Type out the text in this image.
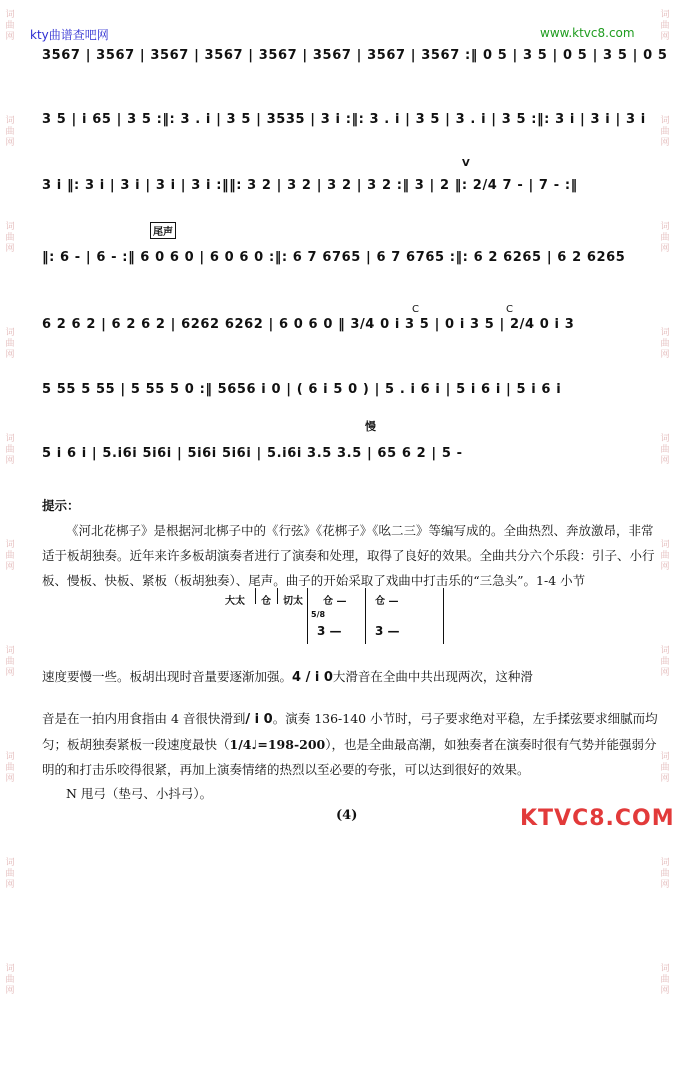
词曲网
词曲网
词曲网
词曲网
词曲网
词曲网
词曲网
词曲网
词曲网
词曲网
词曲网
词曲网
词曲网
词曲网
词曲网
词曲网
词曲网
词曲网
词曲网
词曲网
kty曲谱查吧网	www.ktvc8.com
3567 | 3567 | 3567 | 3567 | 3567 | 3567 | 3567 | 3567 :‖ 0 5 | 3 5 | 0 5 | 3 5 | 0 5
3 5 | i 65 | 3 5 :‖: 3 . i | 3 5 | 3535 | 3 i :‖: 3 . i | 3 5 | 3 . i | 3 5 :‖: 3 i | 3 i | 3 i
V
3 i ‖: 3 i | 3 i | 3 i | 3 i :‖‖: 3 2 | 3 2 | 3 2 | 3 2 :‖ 3 | 2 ‖: 2/4 7 - | 7 - :‖
尾声
‖: 6 - | 6 - :‖ 6 0 6 0 | 6 0 6 0 :‖: 6 7 6765 | 6 7 6765 :‖: 6 2 6265 | 6 2 6265
C	C
6 2 6 2 | 6 2 6 2 | 6262 6262 | 6 0 6 0 ‖ 3/4 0 i 3 5 | 0 i 3 5 | 2/4 0 i 3
5 55 5 55 | 5 55 5 0 :‖ 5656 i 0 | ( 6 i 5 0 ) | 5 . i 6 i | 5 i 6 i | 5 i 6 i
慢
5 i 6 i | 5.i6i 5i6i | 5i6i 5i6i | 5.i6i 3.5 3.5 | 65 6 2 | 5 -

提示：

《河北花梆子》是根据河北梆子中的《行弦》《花梆子》《吆二三》等编写成的。全曲热烈、奔放激昂，非常适于板胡独奏。近年来许多板胡演奏者进行了演奏和处理，取得了良好的效果。全曲共分六个乐段：引子、小行板、慢板、快板、紧板（板胡独奏）、尾声。曲子的开始采取了戏曲中打击乐的“三急头”。1-4 小节

大太 仓 切太 仓 —	仓 —
5/8
3 —	3 —

速度要慢一些。板胡出现时音量要逐渐加强。4 / i 0大滑音在全曲中共出现两次，这种滑

音是在一拍内用食指由 4 音很快滑到/ i 0。演奏 136-140 小节时，弓子要求绝对平稳，左手揉弦要求细腻而均匀；板胡独奏紧板一段速度最快（1/4♩=198-200），也是全曲最高潮，如独奏者在演奏时很有气势并能强弱分明的和打击乐咬得很紧，再加上演奏情绪的热烈以至必要的夸张，可以达到很好的效果。

N 甩弓（垫弓、小抖弓）。

(4)	KTVC8.COM
